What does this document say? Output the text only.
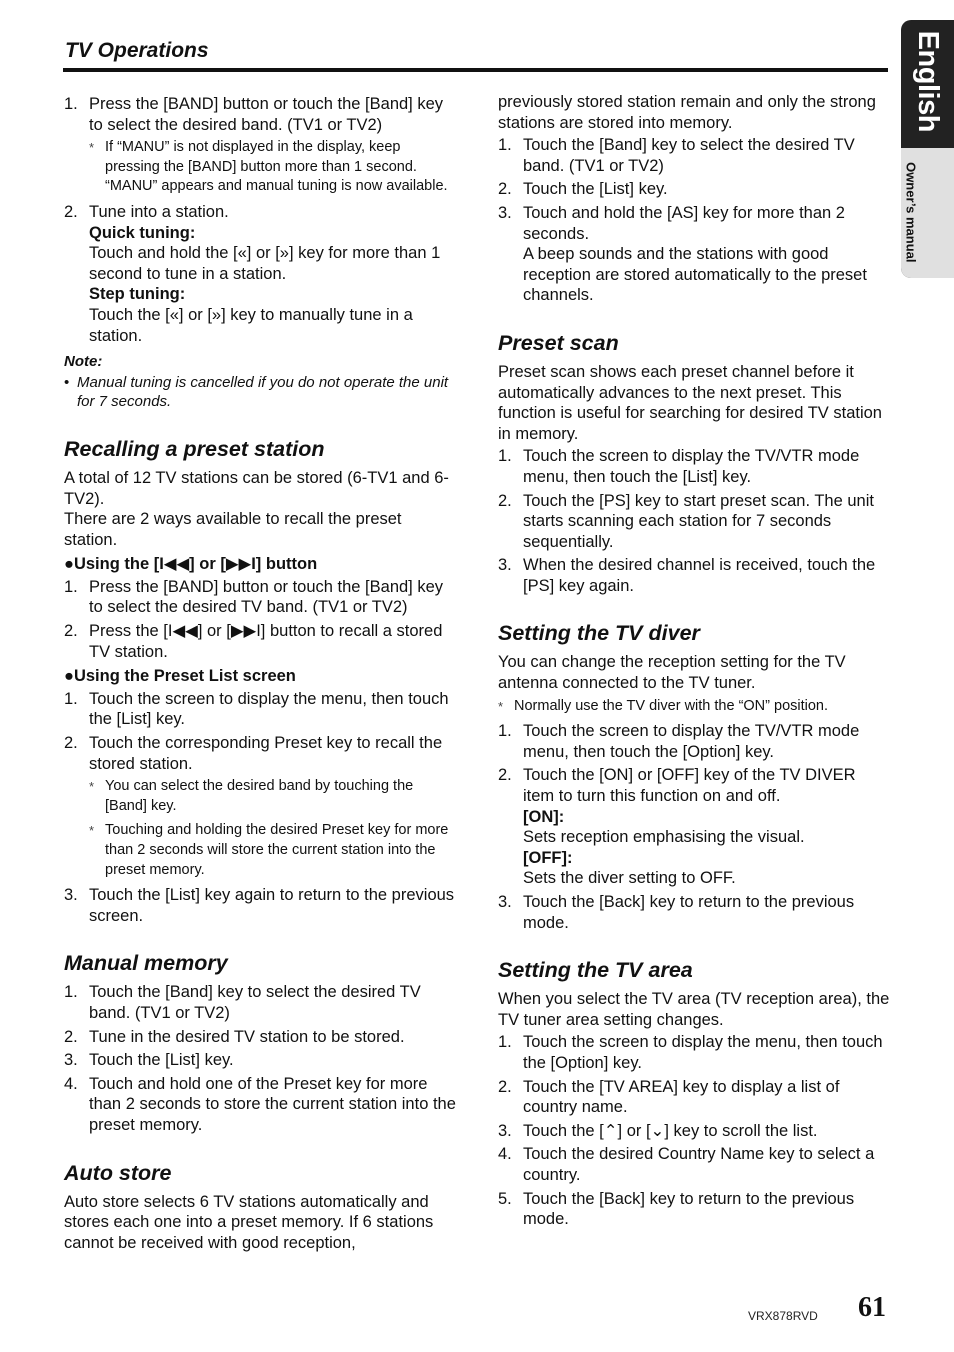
TV Operations	English
Owner’s manual
1. Press the [BAND] button or touch the [Band] key to select the desired band. (TV1 or TV2)

* If “MANU” is not displayed in the display, keep pressing the [BAND] button more than 1 second. “MANU” appears and manual tuning is now available.
2. Tune into a station.

Quick tuning:

Touch and hold the [«] or [»] key for more than 1 second to tune in a station.

Step tuning:

Touch the [«] or [»] key to manually tune in a station.

Note:

• Manual tuning is cancelled if you do not operate the unit for 7 seconds.
Recalling a preset station

A total of 12 TV stations can be stored (6-TV1 and 6-TV2).

There are 2 ways available to recall the preset station.

●Using the [I◀◀] or [▶▶I] button

1. Press the [BAND] button or touch the [Band] key to select the desired TV band. (TV1 or TV2)

2. Press the [I◀◀] or [▶▶I] button to recall a stored TV station.

●Using the Preset List screen

1. Touch the screen to display the menu, then touch the [List] key.

2. Touch the corresponding Preset key to recall the stored station.

* You can select the desired band by touching the [Band] key.
* Touching and holding the desired Preset key for more than 2 seconds will store the current station into the preset memory.
3. Touch the [List] key again to return to the previous screen.

Manual memory
1. Touch the [Band] key to select the desired TV band. (TV1 or TV2)

2. Tune in the desired TV station to be stored.

3. Touch the [List] key.

4. Touch and hold one of the Preset key for more than 2 seconds to store the current station into the preset memory.

Auto store

Auto store selects 6 TV stations automatically and stores each one into a preset memory. If 6 stations cannot be received with good reception,

previously stored station remain and only the strong stations are stored into memory.

1. Touch the [Band] key to select the desired TV band. (TV1 or TV2)

2. Touch the [List] key.

3. Touch and hold the [AS] key for more than 2 seconds.

A beep sounds and the stations with good reception are stored automatically to the preset channels.

Preset scan

Preset scan shows each preset channel before it automatically advances to the next preset. This function is useful for searching for desired TV station in memory.

1. Touch the screen to display the TV/VTR mode menu, then touch the [List] key.

2. Touch the [PS] key to start preset scan. The unit starts scanning each station for 7 seconds sequentially.

3. When the desired channel is received, touch the [PS] key again.

Setting the TV diver

You can change the reception setting for the TV antenna connected to the TV tuner.

* Normally use the TV diver with the “ON” position.
1. Touch the screen to display the TV/VTR mode menu, then touch the [Option] key.

2. Touch the [ON] or [OFF] key of the TV DIVER item to turn this function on and off.

[ON]:

Sets reception emphasising the visual.

[OFF]:

Sets the diver setting to OFF.

3. Touch the [Back] key to return to the previous mode.

Setting the TV area

When you select the TV area (TV reception area), the TV tuner area setting changes.

1. Touch the screen to display the menu, then touch the [Option] key.

2. Touch the [TV AREA] key to display a list of country name.

3. Touch the [⌃] or [⌄] key to scroll the list.

4. Touch the desired Country Name key to select a country.

5. Touch the [Back] key to return to the previous mode.

VRX878RVD 61
